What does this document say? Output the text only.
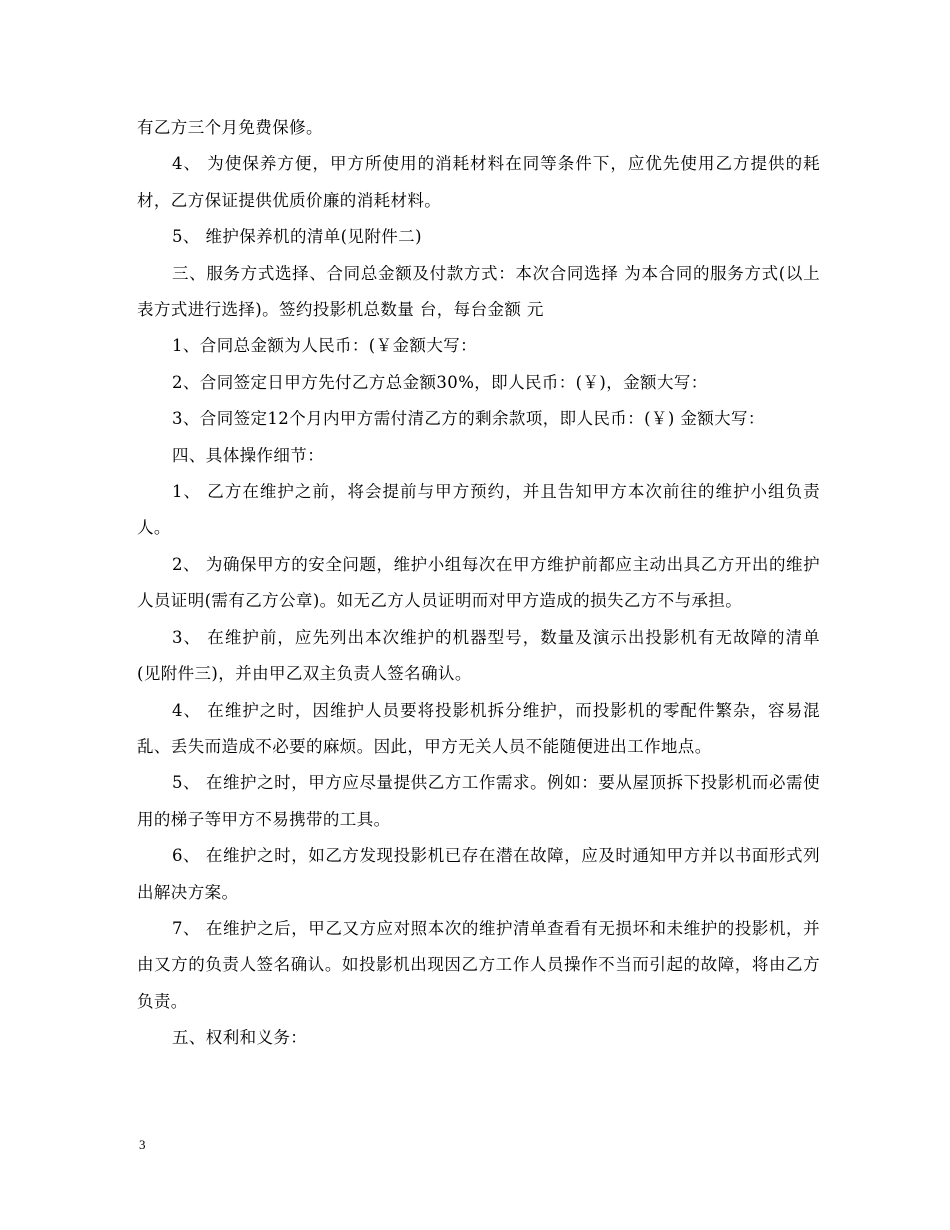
有乙方三个月免费保修。

4、 为使保养方便，甲方所使用的消耗材料在同等条件下，应优先使用乙方提供的耗材，乙方保证提供优质价廉的消耗材料。

5、 维护保养机的清单(见附件二)

三、服务方式选择、合同总金额及付款方式：本次合同选择 为本合同的服务方式(以上表方式进行选择)。签约投影机总数量 台，每台金额 元

1、合同总金额为人民币：(￥金额大写：

2、合同签定日甲方先付乙方总金额30%，即人民币：(￥)，金额大写：

3、合同签定12个月内甲方需付清乙方的剩余款项，即人民币：(￥) 金额大写：

四、具体操作细节：

1、 乙方在维护之前，将会提前与甲方预约，并且告知甲方本次前往的维护小组负责人。

2、 为确保甲方的安全问题，维护小组每次在甲方维护前都应主动出具乙方开出的维护人员证明(需有乙方公章)。如无乙方人员证明而对甲方造成的损失乙方不与承担。

3、 在维护前，应先列出本次维护的机器型号，数量及演示出投影机有无故障的清单(见附件三)，并由甲乙双主负责人签名确认。

4、 在维护之时，因维护人员要将投影机拆分维护，而投影机的零配件繁杂，容易混乱、丢失而造成不必要的麻烦。因此，甲方无关人员不能随便进出工作地点。

5、 在维护之时，甲方应尽量提供乙方工作需求。例如：要从屋顶拆下投影机而必需使用的梯子等甲方不易携带的工具。

6、 在维护之时，如乙方发现投影机已存在潜在故障，应及时通知甲方并以书面形式列出解决方案。

7、 在维护之后，甲乙又方应对照本次的维护清单查看有无损坏和未维护的投影机，并由又方的负责人签名确认。如投影机出现因乙方工作人员操作不当而引起的故障，将由乙方负责。

五、权利和义务：

3
